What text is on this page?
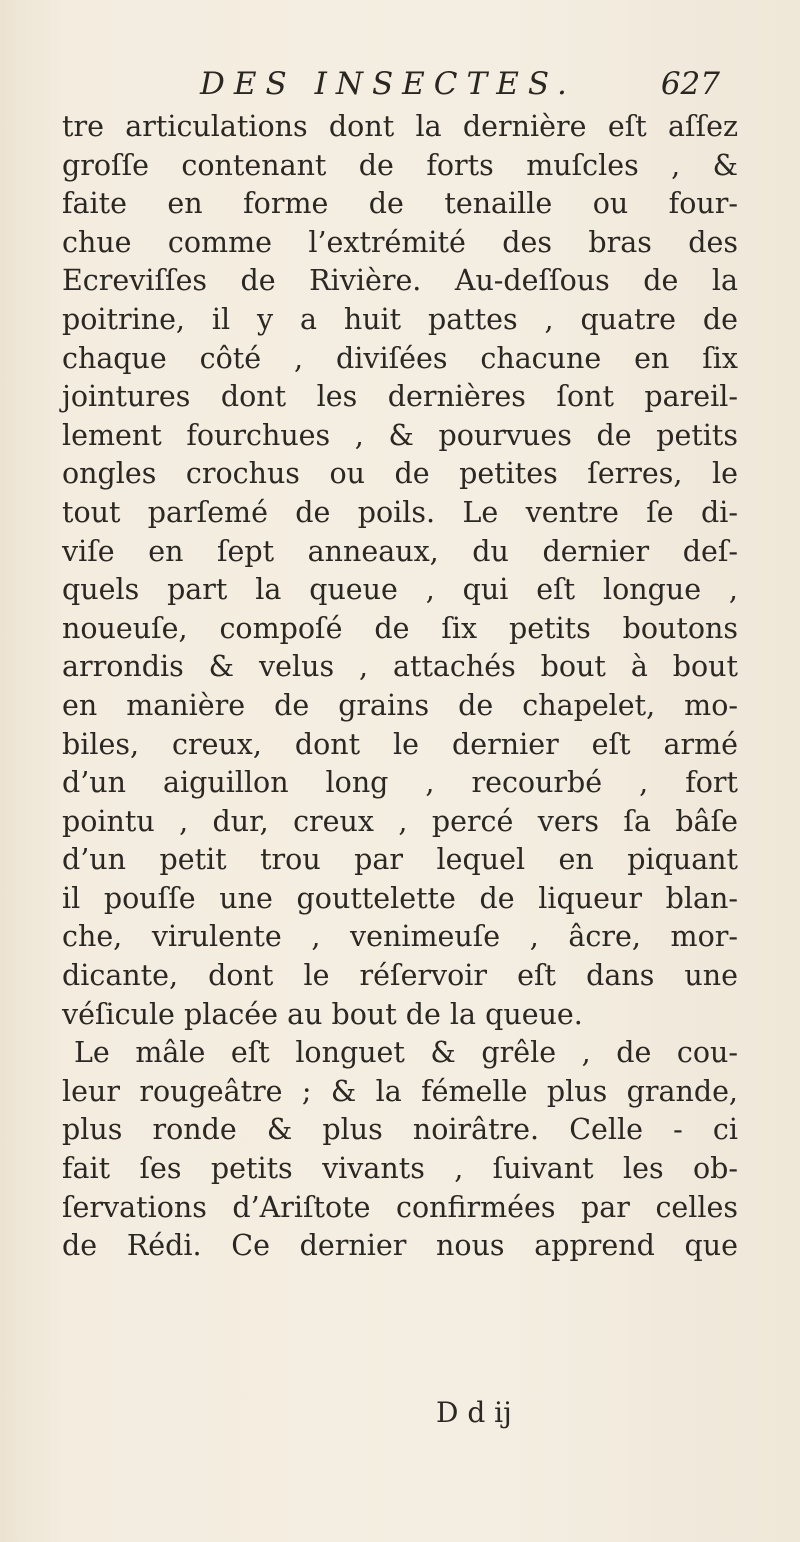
DES INSECTES.	627
tre articulations dont la dernière eſt aſſez
groſſe contenant de forts muſcles , &
faite en forme de tenaille ou four-
chue comme l’extrémité des bras des
Ecreviſſes de Rivière. Au-deſſous de la
poitrine, il y a huit pattes , quatre de
chaque côté , diviſées chacune en ſix
jointures dont les dernières ſont pareil-
lement fourchues , & pourvues de petits
ongles crochus ou de petites ſerres, le
tout parſemé de poils. Le ventre ſe di-
viſe en ſept anneaux, du dernier deſ-
quels part la queue , qui eſt longue ,
noueuſe, compoſé de ſix petits boutons
arrondis & velus , attachés bout à bout
en manière de grains de chapelet, mo-
biles, creux, dont le dernier eſt armé
d’un aiguillon long , recourbé , fort
pointu , dur, creux , percé vers ſa bâſe
d’un petit trou par lequel en piquant
il pouſſe une gouttelette de liqueur blan-
che, virulente , venimeuſe , âcre, mor-
dicante, dont le réſervoir eſt dans une
véſicule placée au bout de la queue.
Le mâle eſt longuet & grêle , de cou-
leur rougeâtre ; & la fémelle plus grande,
plus ronde & plus noirâtre. Celle - ci
fait ſes petits vivants , ſuivant les ob-
ſervations d’Ariſtote confirmées par celles
de Rédi. Ce dernier nous apprend que
D d ij
